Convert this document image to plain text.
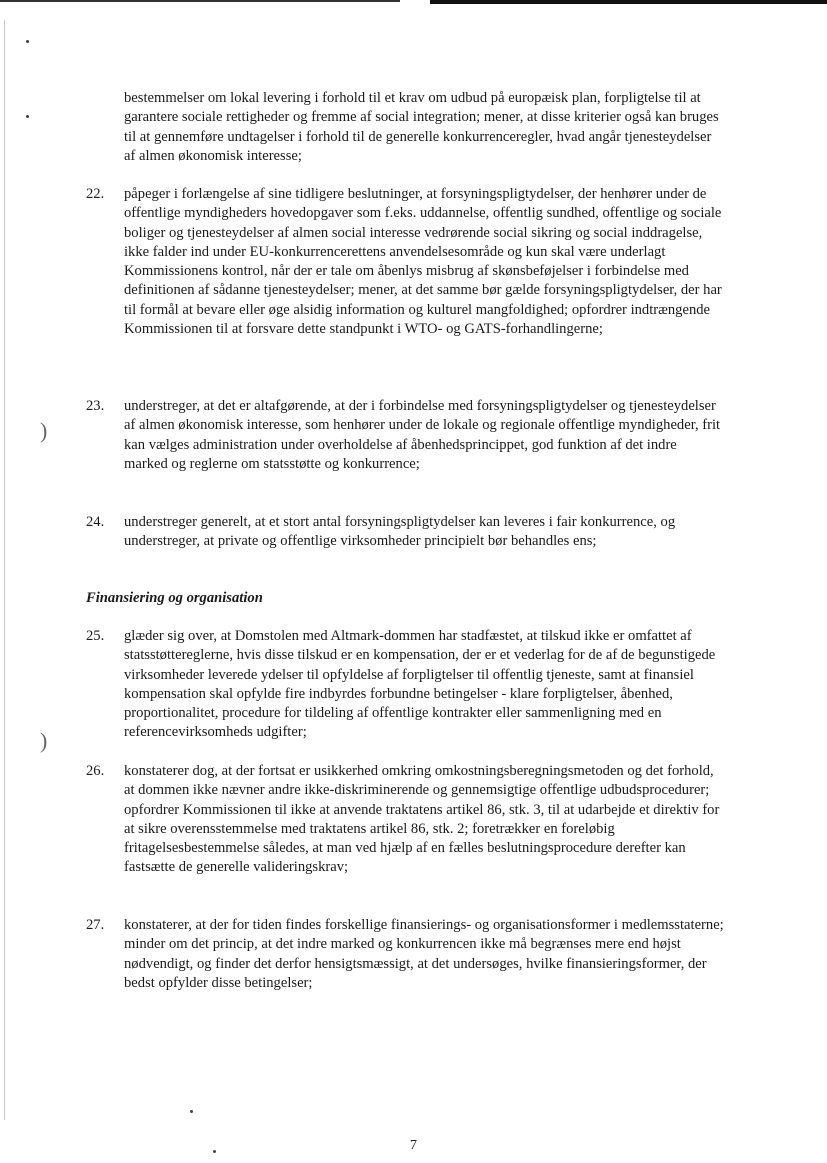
)
)
bestemmelser om lokal levering i forhold til et krav om udbud på europæisk plan, forpligtelse til at garantere sociale rettigheder og fremme af social integration; mener, at disse kriterier også kan bruges til at gennemføre undtagelser i forhold til de generelle konkurrenceregler, hvad angår tjenesteydelser af almen økonomisk interesse;
22. påpeger i forlængelse af sine tidligere beslutninger, at forsyningspligtydelser, der henhører under de offentlige myndigheders hovedopgaver som f.eks. uddannelse, offentlig sundhed, offentlige og sociale boliger og tjenesteydelser af almen social interesse vedrørende social sikring og social inddragelse, ikke falder ind under EU-konkurrencerettens anvendelsesområde og kun skal være underlagt Kommissionens kontrol, når der er tale om åbenlys misbrug af skønsbeføjelser i forbindelse med definitionen af sådanne tjenesteydelser; mener, at det samme bør gælde forsyningspligtydelser, der har til formål at bevare eller øge alsidig information og kulturel mangfoldighed; opfordrer indtrængende Kommissionen til at forsvare dette standpunkt i WTO- og GATS-forhandlingerne;
23. understreger, at det er altafgørende, at der i forbindelse med forsyningspligtydelser og tjenesteydelser af almen økonomisk interesse, som henhører under de lokale og regionale offentlige myndigheder, frit kan vælges administration under overholdelse af åbenhedsprincippet, god funktion af det indre marked og reglerne om statsstøtte og konkurrence;
24. understreger generelt, at et stort antal forsyningspligtydelser kan leveres i fair konkurrence, og understreger, at private og offentlige virksomheder principielt bør behandles ens;
Finansiering og organisation
25. glæder sig over, at Domstolen med Altmark-dommen har stadfæstet, at tilskud ikke er omfattet af statsstøttereglerne, hvis disse tilskud er en kompensation, der er et vederlag for de af de begunstigede virksomheder leverede ydelser til opfyldelse af forpligtelser til offentlig tjeneste, samt at finansiel kompensation skal opfylde fire indbyrdes forbundne betingelser - klare forpligtelser, åbenhed, proportionalitet, procedure for tildeling af offentlige kontrakter eller sammenligning med en referencevirksomheds udgifter;
26. konstaterer dog, at der fortsat er usikkerhed omkring omkostningsberegningsmetoden og det forhold, at dommen ikke nævner andre ikke-diskriminerende og gennemsigtige offentlige udbudsprocedurer; opfordrer Kommissionen til ikke at anvende traktatens artikel 86, stk. 3, til at udarbejde et direktiv for at sikre overensstemmelse med traktatens artikel 86, stk. 2; foretrækker en foreløbig fritagelsesbestemmelse således, at man ved hjælp af en fælles beslutningsprocedure derefter kan fastsætte de generelle valideringskrav;
27. konstaterer, at der for tiden findes forskellige finansierings- og organisationsformer i medlemsstaterne; minder om det princip, at det indre marked og konkurrencen ikke må begrænses mere end højst nødvendigt, og finder det derfor hensigtsmæssigt, at det undersøges, hvilke finansieringsformer, der bedst opfylder disse betingelser;
7
